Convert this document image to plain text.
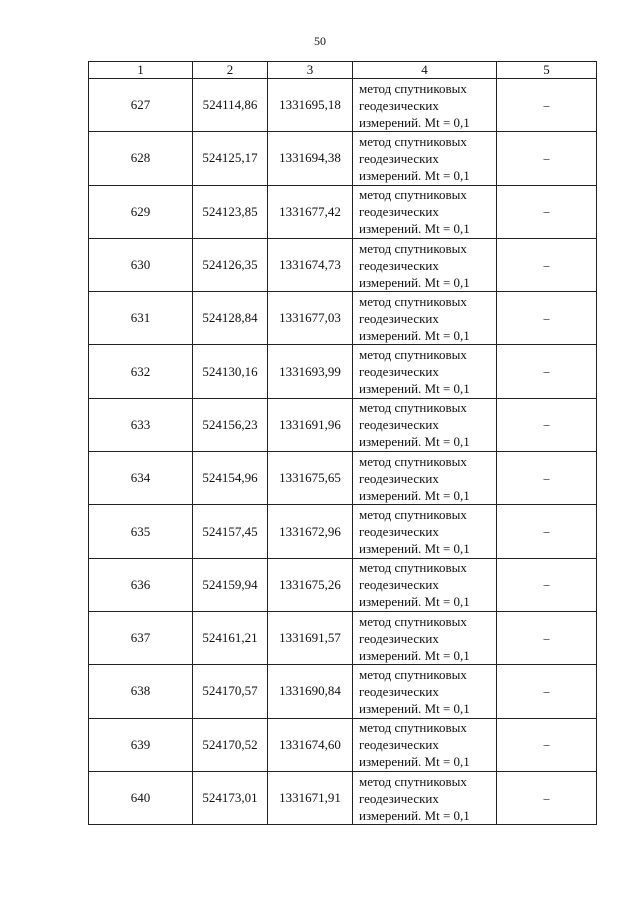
50
1	2	3	4	5
627	524114,86	1331695,18	метод спутниковых
геодезических
измерений. Mt = 0,1	–
628	524125,17	1331694,38	метод спутниковых
геодезических
измерений. Mt = 0,1	–
629	524123,85	1331677,42	метод спутниковых
геодезических
измерений. Mt = 0,1	–
630	524126,35	1331674,73	метод спутниковых
геодезических
измерений. Mt = 0,1	–
631	524128,84	1331677,03	метод спутниковых
геодезических
измерений. Mt = 0,1	–
632	524130,16	1331693,99	метод спутниковых
геодезических
измерений. Mt = 0,1	–
633	524156,23	1331691,96	метод спутниковых
геодезических
измерений. Mt = 0,1	–
634	524154,96	1331675,65	метод спутниковых
геодезических
измерений. Mt = 0,1	–
635	524157,45	1331672,96	метод спутниковых
геодезических
измерений. Mt = 0,1	–
636	524159,94	1331675,26	метод спутниковых
геодезических
измерений. Mt = 0,1	–
637	524161,21	1331691,57	метод спутниковых
геодезических
измерений. Mt = 0,1	–
638	524170,57	1331690,84	метод спутниковых
геодезических
измерений. Mt = 0,1	–
639	524170,52	1331674,60	метод спутниковых
геодезических
измерений. Mt = 0,1	–
640	524173,01	1331671,91	метод спутниковых
геодезических
измерений. Mt = 0,1	–
